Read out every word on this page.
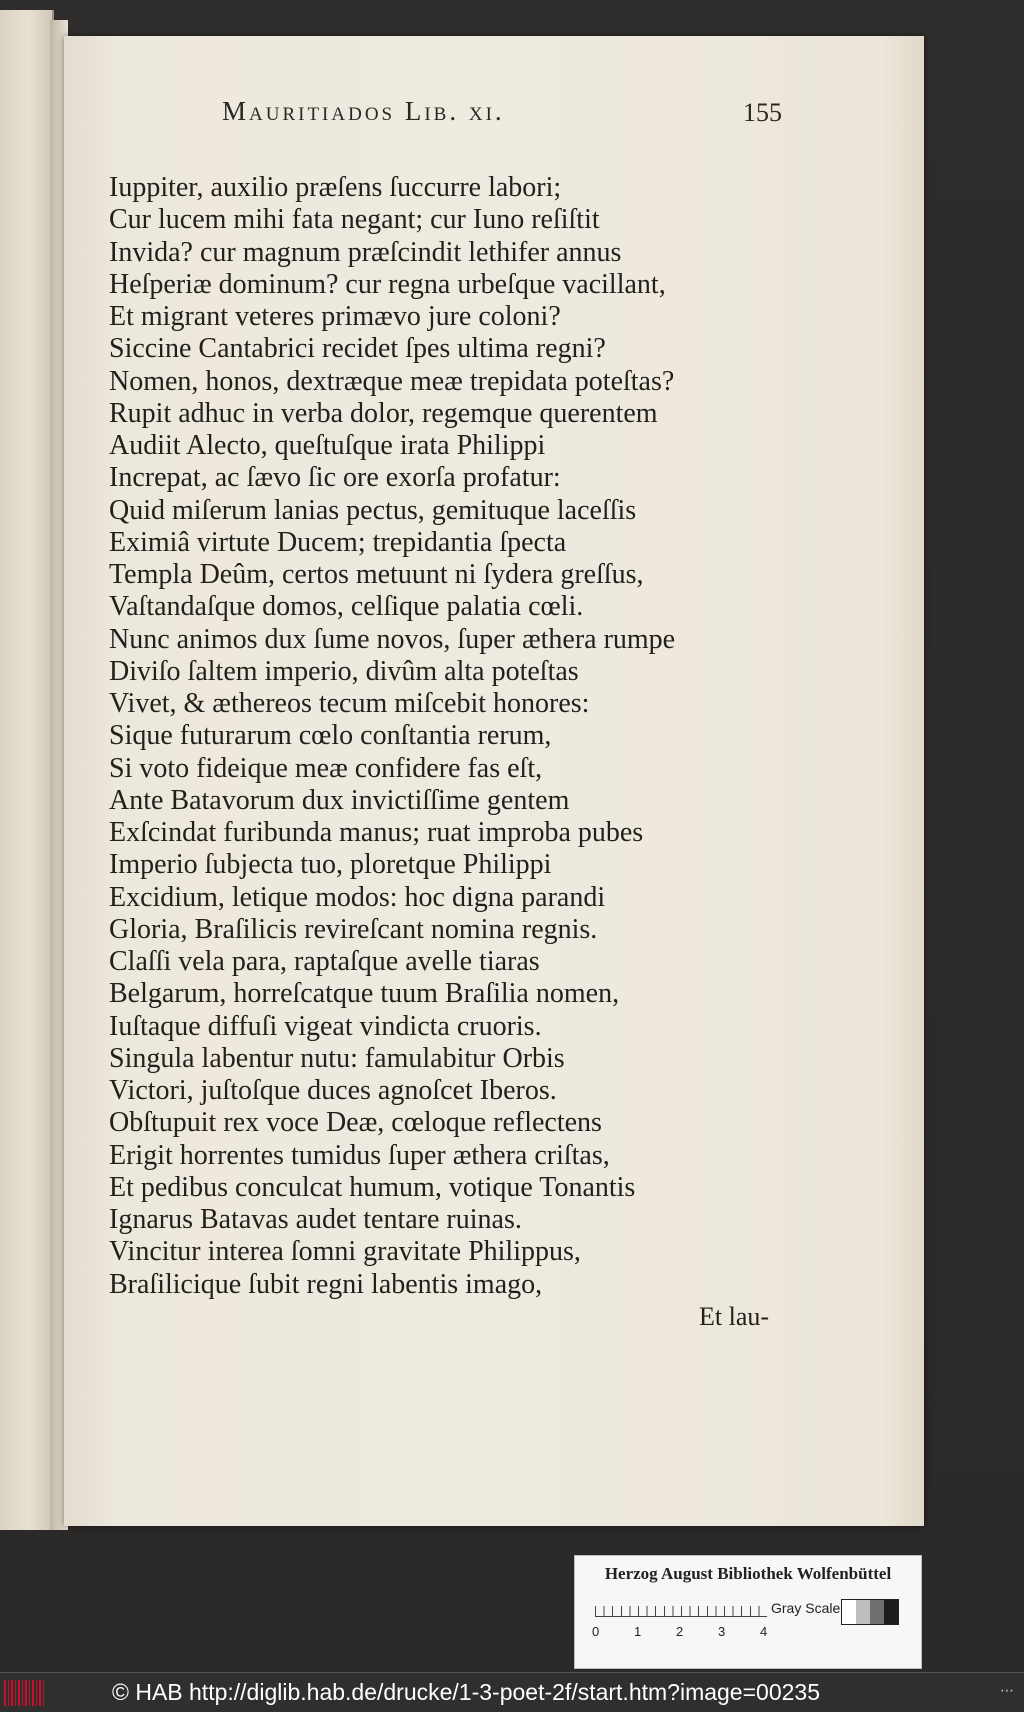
Mauritiados Lib. xi.	155
Iuppiter, auxilio præſens ſuccurre labori;
Cur lucem mihi fata negant; cur Iuno reſiſtit
Invida? cur magnum præſcindit lethifer annus
Heſperiæ dominum? cur regna urbeſque vacillant,
Et migrant veteres primævo jure coloni?
Siccine Cantabrici recidet ſpes ultima regni?
Nomen, honos, dextræque meæ trepidata poteſtas?
Rupit adhuc in verba dolor, regemque querentem
Audiit Alecto, queſtuſque irata Philippi
Increpat, ac ſævo ſic ore exorſa profatur:
Quid miſerum lanias pectus, gemituque laceſſis
Eximiâ virtute Ducem; trepidantia ſpecta
Templa Deûm, certos metuunt ni ſydera greſſus,
Vaſtandaſque domos, celſique palatia cœli.
Nunc animos dux ſume novos, ſuper æthera rumpe
Diviſo ſaltem imperio, divûm alta poteſtas
Vivet, & æthereos tecum miſcebit honores:
Sique futurarum cœlo conſtantia rerum,
Si voto fideique meæ confidere fas eſt,
Ante Batavorum dux invictiſſime gentem
Exſcindat furibunda manus; ruat improba pubes
Imperio ſubjecta tuo, ploretque Philippi
Excidium, letique modos: hoc digna parandi
Gloria, Braſilicis revireſcant nomina regnis.
Claſſi vela para, raptaſque avelle tiaras
Belgarum, horreſcatque tuum Braſilia nomen,
Iuſtaque diffuſi vigeat vindicta cruoris.
Singula labentur nutu: famulabitur Orbis
Victori, juſtoſque duces agnoſcet Iberos.
Obſtupuit rex voce Deæ, cœloque reflectens
Erigit horrentes tumidus ſuper æthera criſtas,
Et pedibus conculcat humum, votique Tonantis
Ignarus Batavas audet tentare ruinas.
Vincitur interea ſomni gravitate Philippus,
Braſilicique ſubit regni labentis imago,
Et lau-
Herzog August Bibliothek Wolfenbüttel
0	1	2	3	4
Gray Scale
© HAB http://diglib.hab.de/drucke/1-3-poet-2f/start.htm?image=00235	⋯
